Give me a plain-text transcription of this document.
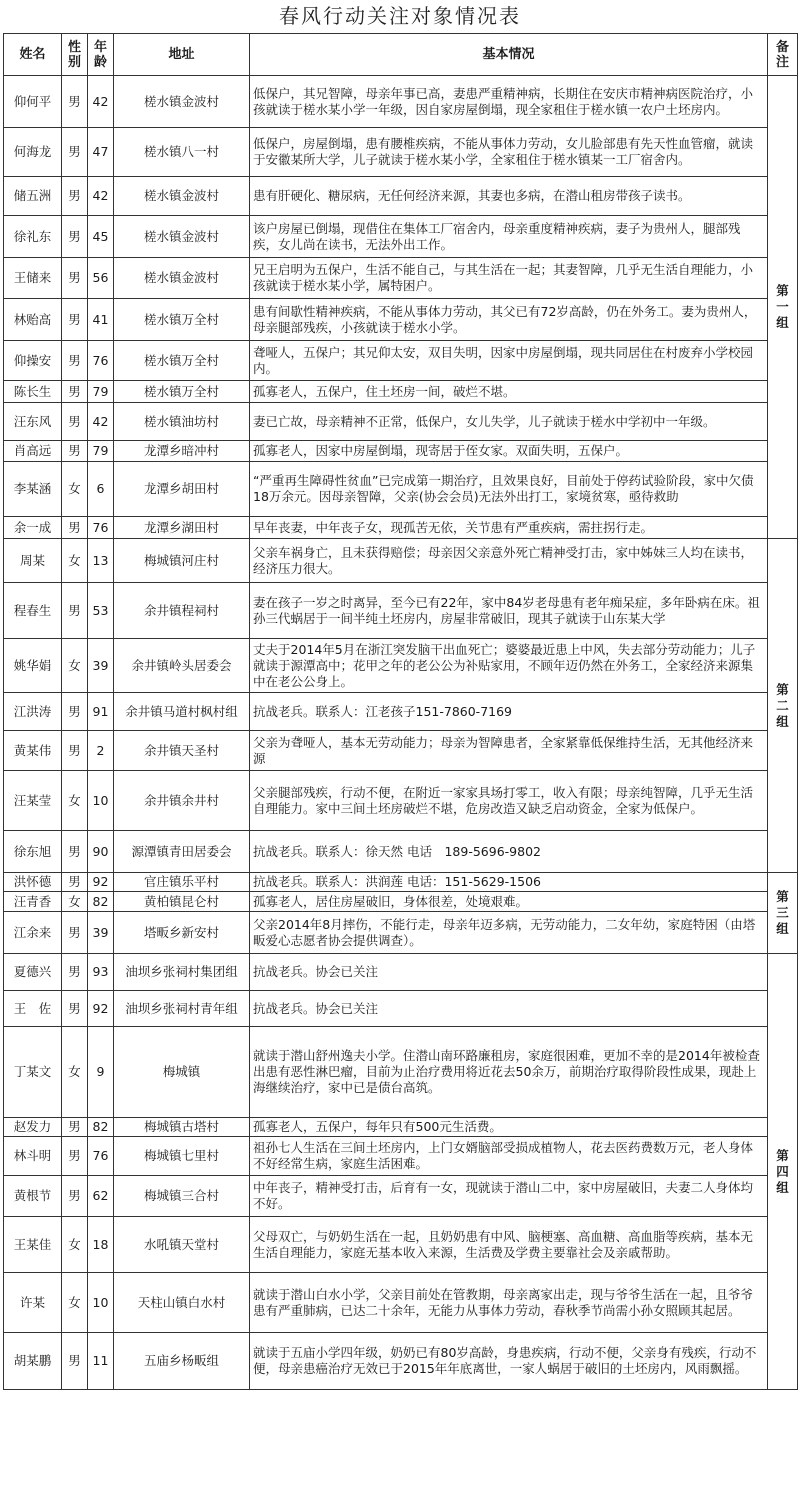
春风行动关注对象情况表
姓名	性别	年龄	地址	基本情况	备注
仰何平	男	42	槎水镇金波村	低保户，其兄智障，母亲年事已高，妻患严重精神病，长期住在安庆市精神病医院治疗，小孩就读于槎水某小学一年级，因自家房屋倒塌，现全家租住于槎水镇一农户土坯房内。	第一组
何海龙	男	47	槎水镇八一村	低保户，房屋倒塌，患有腰椎疾病，不能从事体力劳动，女儿脸部患有先天性血管瘤，就读于安徽某所大学，儿子就读于槎水某小学，全家租住于槎水镇某一工厂宿舍内。	
储五洲	男	42	槎水镇金波村	患有肝硬化、糖尿病，无任何经济来源，其妻也多病，在潜山租房带孩子读书。	
徐礼东	男	45	槎水镇金波村	该户房屋已倒塌，现借住在集体工厂宿舍内，母亲重度精神疾病，妻子为贵州人，腿部残疾，女儿尚在读书，无法外出工作。	
王储来	男	56	槎水镇金波村	兄王启明为五保户，生活不能自己，与其生活在一起；其妻智障，几乎无生活自理能力，小孩就读于槎水某小学，属特困户。	
林贻高	男	41	槎水镇万全村	患有间歇性精神疾病，不能从事体力劳动，其父已有72岁高龄，仍在外务工。妻为贵州人，母亲腿部残疾，小孩就读于槎水小学。	
仰操安	男	76	槎水镇万全村	聋哑人，五保户；其兄仰太安，双目失明，因家中房屋倒塌，现共同居住在村废弃小学校园内。	
陈长生	男	79	槎水镇万全村	孤寡老人，五保户，住土坯房一间，破烂不堪。	
汪东风	男	42	槎水镇油坊村	妻已亡故，母亲精神不正常，低保户，女儿失学，儿子就读于槎水中学初中一年级。	
肖高远	男	79	龙潭乡暗冲村	孤寡老人，因家中房屋倒塌，现寄居于侄女家。双面失明，五保户。	
李某涵	女	6	龙潭乡胡田村	“严重再生障碍性贫血”已完成第一期治疗，且效果良好，目前处于停药试验阶段，家中欠债18万余元。因母亲智障，父亲(协会会员)无法外出打工，家境贫寒，亟待救助	
余一成	男	76	龙潭乡湖田村	早年丧妻，中年丧子女，现孤苦无依，关节患有严重疾病，需拄拐行走。	
周某	女	13	梅城镇河庄村	父亲车祸身亡，且未获得赔偿；母亲因父亲意外死亡精神受打击，家中姊妹三人均在读书，经济压力很大。	第二组
程春生	男	53	余井镇程祠村	妻在孩子一岁之时离异，至今已有22年，家中84岁老母患有老年痴呆症，多年卧病在床。祖孙三代蜗居于一间半纯土坯房内，房屋非常破旧，现其子就读于山东某大学	
姚华娟	女	39	余井镇岭头居委会	丈夫于2014年5月在浙江突发脑干出血死亡；婆婆最近患上中风，失去部分劳动能力；儿子就读于源潭高中；花甲之年的老公公为补贴家用，不顾年迈仍然在外务工，全家经济来源集中在老公公身上。	
江洪涛	男	91	余井镇马道村枫村组	抗战老兵。联系人：江老孩子151-7860-7169	
黄某伟	男	2	余井镇天圣村	父亲为聋哑人，基本无劳动能力；母亲为智障患者，全家紧靠低保维持生活，无其他经济来源	
汪某莹	女	10	余井镇余井村	父亲腿部残疾，行动不便，在附近一家家具场打零工，收入有限；母亲纯智障，几乎无生活自理能力。家中三间土坯房破烂不堪，危房改造又缺乏启动资金，全家为低保户。	
徐东旭	男	90	源潭镇青田居委会	抗战老兵。联系人：徐天然 电话　189-5696-9802	
洪怀德	男	92	官庄镇乐平村	抗战老兵。联系人：洪润莲 电话：151-5629-1506	第三组
汪青香	女	82	黄柏镇昆仑村	孤寡老人，居住房屋破旧，身体很差，处境艰难。	
江余来	男	39	塔畈乡新安村	父亲2014年8月摔伤，不能行走，母亲年迈多病，无劳动能力，二女年幼，家庭特困（由塔畈爱心志愿者协会提供调查）。	
夏德兴	男	93	油坝乡张祠村集团组	抗战老兵。协会已关注	第四组
王　佐	男	92	油坝乡张祠村青年组	抗战老兵。协会已关注	
丁某文	女	9	梅城镇	就读于潜山舒州逸夫小学。住潜山南环路廉租房，家庭很困难，更加不幸的是2014年被检查出患有恶性淋巴瘤，目前为止治疗费用将近花去50余万，前期治疗取得阶段性成果，现赴上海继续治疗，家中已是债台高筑。	
赵发力	男	82	梅城镇古塔村	孤寡老人，五保户，每年只有500元生活费。	
林斗明	男	76	梅城镇七里村	祖孙七人生活在三间土坯房内，上门女婿脑部受损成植物人，花去医药费数万元，老人身体不好经常生病，家庭生活困难。	
黄根节	男	62	梅城镇三合村	中年丧子，精神受打击，后育有一女，现就读于潜山二中，家中房屋破旧，夫妻二人身体均不好。	
王某佳	女	18	水吼镇天堂村	父母双亡，与奶奶生活在一起，且奶奶患有中风、脑梗塞、高血糖、高血脂等疾病，基本无生活自理能力，家庭无基本收入来源，生活费及学费主要靠社会及亲戚帮助。	
许某	女	10	天柱山镇白水村	就读于潜山白水小学，父亲目前处在管教期，母亲离家出走，现与爷爷生活在一起，且爷爷患有严重肺病，已达二十余年，无能力从事体力劳动，春秋季节尚需小孙女照顾其起居。	
胡某鹏	男	11	五庙乡杨畈组	就读于五庙小学四年级，奶奶已有80岁高龄，身患疾病，行动不便，父亲身有残疾，行动不便，母亲患癌治疗无效已于2015年年底离世，一家人蜗居于破旧的土坯房内，风雨飘摇。	
